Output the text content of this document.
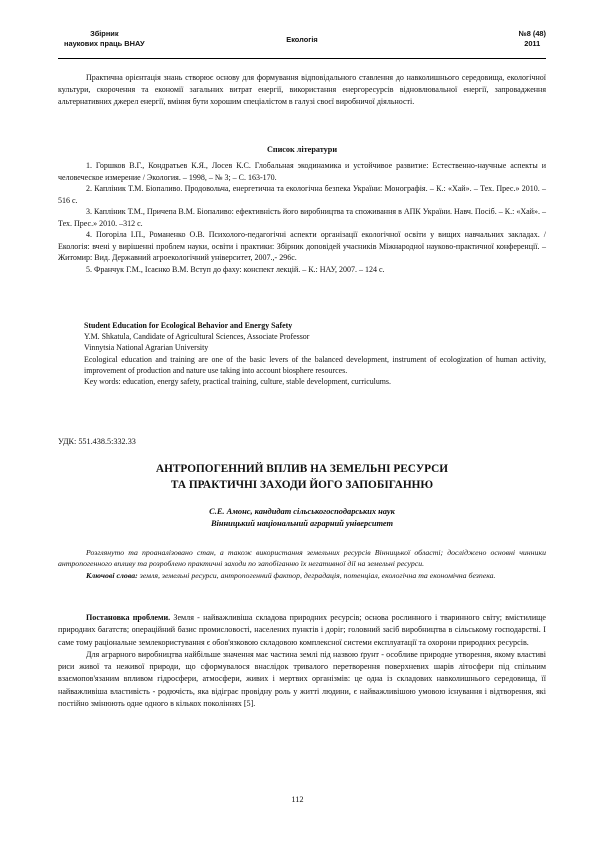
Збірник
наукових праць ВНАУ	Екологія
№8 (48)
2011
Практична орієнтація знань створює основу для формування відповідального ставлення до навколишнього середовища, екологічної культури, скорочення та економії загальних витрат енергії, використання енергоресурсів відновлювальної енергії, запровадження альтернативних джерел енергії, вміння бути хорошим спеціалістом в галузі своєї виробничої діяльності.
Список літератури

1. Горшков В.Г., Кондратьев К.Я., Лосев К.С. Глобальная экодинамика и устойчивое развитие: Естественно-научные аспекты и человеческое измерение / Экология. – 1998, – № 3; – С. 163-170.

2. Капліник Т.М. Біопаливо. Продовольча, енергетична та екологічна безпека України: Монографія. – К.: «Хай». – Тех. Прес.» 2010. –516 с.

3. Капліник Т.М., Причепа В.М. Біопаливо: ефективність його виробництва та споживання в АПК України. Навч. Посіб. – К.: «Хай». – Тех. Прес.» 2010. –312 с.

4. Погоріла І.П., Романенко О.В. Психолого-педагогічні аспекти організації екологічної освіти у вищих навчальних закладах. / Екологія: вчені у вирішенні проблем науки, освіти і практики: Збірник доповідей учасників Міжнародної науково-практичної конференції. – Житомир: Вид. Державний агроекологічний університет, 2007.,- 296с.

5. Франчук Г.М., Ісаєнко В.М. Вступ до фаху: конспект лекцій. – К.: НАУ, 2007. – 124 с.

Student Education for Ecological Behavior and Energy Safety
Y.M. Shkatula, Candidate of Agricultural Sciences, Associate Professor
Vinnytsia National Agrarian University
Ecological education and training are one of the basic levers of the balanced development, instrument of ecologization of human activity, improvement of production and nature use taking into account biosphere resources.
Key words: education, energy safety, practical training, culture, stable development, curriculums.
УДК: 551.438.5:332.33
АНТРОПОГЕННИЙ ВПЛИВ НА ЗЕМЕЛЬНІ РЕСУРСИ
ТА ПРАКТИЧНІ ЗАХОДИ ЙОГО ЗАПОБІГАННЮ
С.Е. Амонс, кандидат сільськогосподарських наук
Вінницький національний аграрний університет
Розглянуто та проаналізовано стан, а також використання земельних ресурсів Вінницької області; досліджено основні чинники антропогенного впливу та розроблено практичні заходи по запобіганню їх негативної дії на земельні ресурси.
Ключові слова: земля, земельні ресурси, антропогенний фактор, деградація, потенціал, екологічна та економічна безпека.

Постановка проблеми. Земля - найважливіша складова природних ресурсів; основа рослинного і тваринного світу; вмістилище природних багатств; операційний базис промисловості, населених пунктів і доріг; головний засіб виробництва в сільському господарстві. І саме тому раціональне землекористування є обов'язковою складовою комплексної системи експлуатації та охорони природних ресурсів.

Для аграрного виробництва найбільше значення має частина землі під назвою ґрунт - особливе природне утворення, якому властиві риси живої та неживої природи, що сформувалося внаслідок тривалого перетворення поверхневих шарів літосфери під спільним взаємопов'язаним впливом гідросфери, атмосфери, живих і мертвих організмів: це одна із складових навколишнього середовища, її найважливіша властивість - родючість, яка відіграє провідну роль у житті людини, є найважливішою умовою існування і відтворення, які постійно змінюють одне одного в кількох поколіннях [5].

112
